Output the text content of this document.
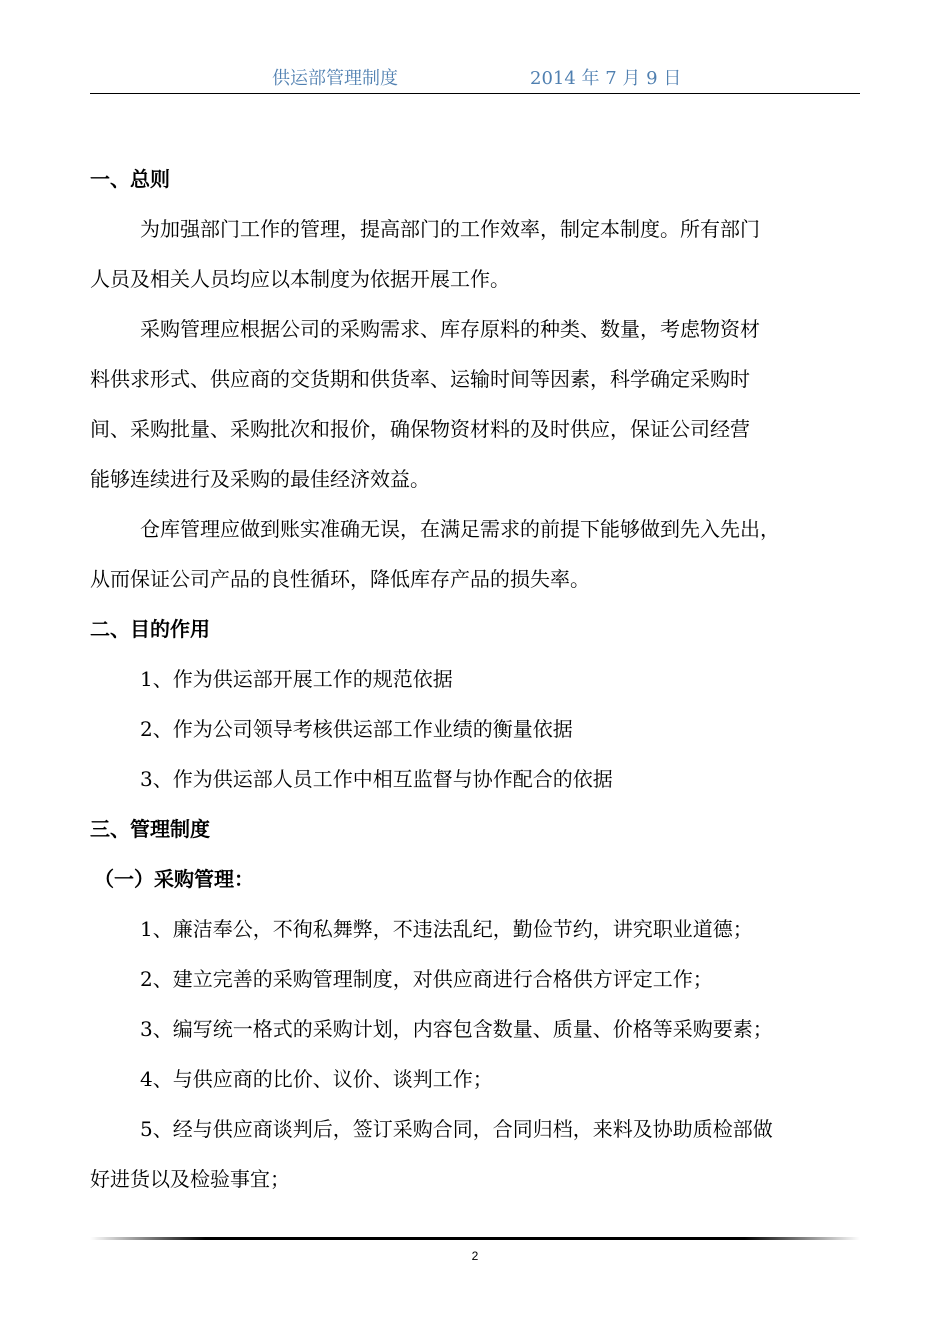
供运部管理制度	2014 年 7 月 9 日
一、总则
为加强部门工作的管理，提高部门的工作效率，制定本制度。所有部门
人员及相关人员均应以本制度为依据开展工作。
采购管理应根据公司的采购需求、库存原料的种类、数量，考虑物资材
料供求形式、供应商的交货期和供货率、运输时间等因素，科学确定采购时
间、采购批量、采购批次和报价，确保物资材料的及时供应，保证公司经营
能够连续进行及采购的最佳经济效益。
仓库管理应做到账实准确无误，在满足需求的前提下能够做到先入先出，
从而保证公司产品的良性循环，降低库存产品的损失率。
二、目的作用
1、作为供运部开展工作的规范依据
2、作为公司领导考核供运部工作业绩的衡量依据
3、作为供运部人员工作中相互监督与协作配合的依据
三、管理制度
（一）采购管理：
1、廉洁奉公，不徇私舞弊，不违法乱纪，勤俭节约，讲究职业道德；
2、建立完善的采购管理制度，对供应商进行合格供方评定工作；
3、编写统一格式的采购计划，内容包含数量、质量、价格等采购要素；
4、与供应商的比价、议价、谈判工作；
5、经与供应商谈判后，签订采购合同，合同归档，来料及协助质检部做
好进货以及检验事宜；
2
